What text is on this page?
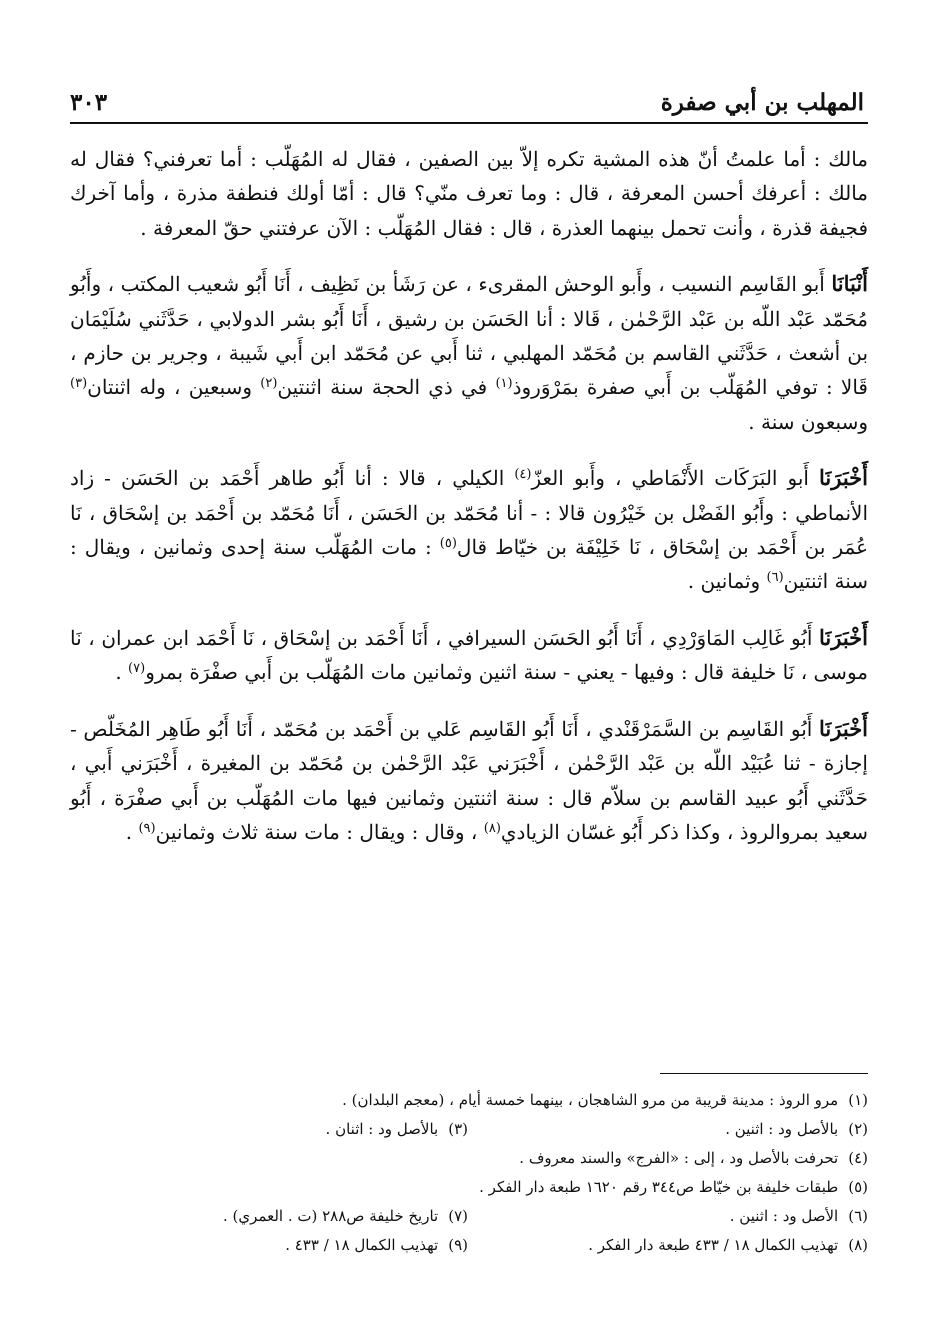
المهلب بن أبي صفرة
٣٠٣

مالك : أما علمتُ أنّ هذه المشية تكره إلاّ بين الصفين ، فقال له المُهَلّب : أما تعرفني؟ فقال له مالك : أعرفك أحسن المعرفة ، قال : وما تعرف منّي؟ قال : أمّا أولك فنطفة مذرة ، وأما آخرك فجيفة قذرة ، وأنت تحمل بينهما العذرة ، قال : فقال المُهَلّب : الآن عرفتني حقّ المعرفة .

أَنْبَانَا أَبو القَاسِم النسيب ، وأَبو الوحش المقرىء ، عن رَشَأ بن نَظِيف ، أَنَا أَبُو شعيب المكتب ، وأَبُو مُحَمّد عَبْد اللّه بن عَبْد الرَّحْمٰن ، قَالا : أنا الحَسَن بن رشيق ، أَنَا أَبُو بشر الدولابي ، حَدَّثَني سُلَيْمَان بن أشعث ، حَدَّثَني القاسم بن مُحَمّد المهلبي ، ثنا أَبي عن مُحَمّد ابن أَبي شَيبة ، وجرير بن حازم ، قَالا : توفي المُهَلّب بن أَبي صفرة بمَرْوَروذ$^{(١)}$ في ذي الحجة سنة اثنتين$^{(٢)}$ وسبعين ، وله اثنتان$^{(٣)}$ وسبعون سنة .

أَخْبَرَنَا أَبو البَرَكَات الأَنْمَاطي ، وأَبو العزّ$^{(٤)}$ الكيلي ، قالا : أنا أَبُو طاهر أَحْمَد بن الحَسَن - زاد الأنماطي : وأَبُو الفَضْل بن خَيْرُون قالا : - أنا مُحَمّد بن الحَسَن ، أَنَا مُحَمّد بن أَحْمَد بن إسْحَاق ، نَا عُمَر بن أَحْمَد بن إسْحَاق ، نَا خَلِيْفَة بن خيّاط قال$^{(٥)}$ : مات المُهَلّب سنة إحدى وثمانين ، ويقال : سنة اثنتين$^{(٦)}$ وثمانين .

أَخْبَرَنَا أَبُو غَالِب المَاوَرْدِي ، أَنَا أَبُو الحَسَن السيرافي ، أَنَا أَحْمَد بن إسْحَاق ، نَا أَحْمَد ابن عمران ، نَا موسى ، نَا خليفة قال : وفيها - يعني - سنة اثنين وثمانين مات المُهَلّب بن أَبي صفْرَة بمرو$^{(٧)}$ .

أَخْبَرَنَا أَبُو القَاسِم بن السَّمَرْقَنْدي ، أَنَا أَبُو القَاسِم عَلي بن أَحْمَد بن مُحَمّد ، أَنَا أَبُو طَاهِر المُخَلّص - إجازة - ثنا عُبَيْد اللّه بن عَبْد الرَّحْمٰن ، أَخْبَرَني عَبْد الرَّحْمٰن بن مُحَمّد بن المغيرة ، أَخْبَرَني أَبي ، حَدَّثَني أَبُو عبيد القاسم بن سلاّم قال : سنة اثنتين وثمانين فيها مات المُهَلّب بن أَبي صفْرَة ، أَبُو سعيد بمروالروذ ، وكذا ذكر أَبُو غسّان الزيادي$^{(٨)}$ ، وقال : ويقال : مات سنة ثلاث وثمانين$^{(٩)}$ .

(١)مرو الروذ : مدينة قريبة من مرو الشاهجان ، بينهما خمسة أيام ، (معجم البلدان) .
(٢)بالأصل ود : اثنين .
(٣)بالأصل ود : اثنان .
(٤)تحرفت بالأصل ود ، إلى : «الفرج» والسند معروف .
(٥)طبقات خليفة بن خيّاط ص٣٤٤ رقم ١٦٢٠ طبعة دار الفكر .
(٦)الأصل ود : اثنين .
(٧)تاريخ خليفة ص٢٨٨ (ت . العمري) .
(٨)تهذيب الكمال ١٨ / ٤٣٣ طبعة دار الفكر .
(٩)تهذيب الكمال ١٨ / ٤٣٣ .
